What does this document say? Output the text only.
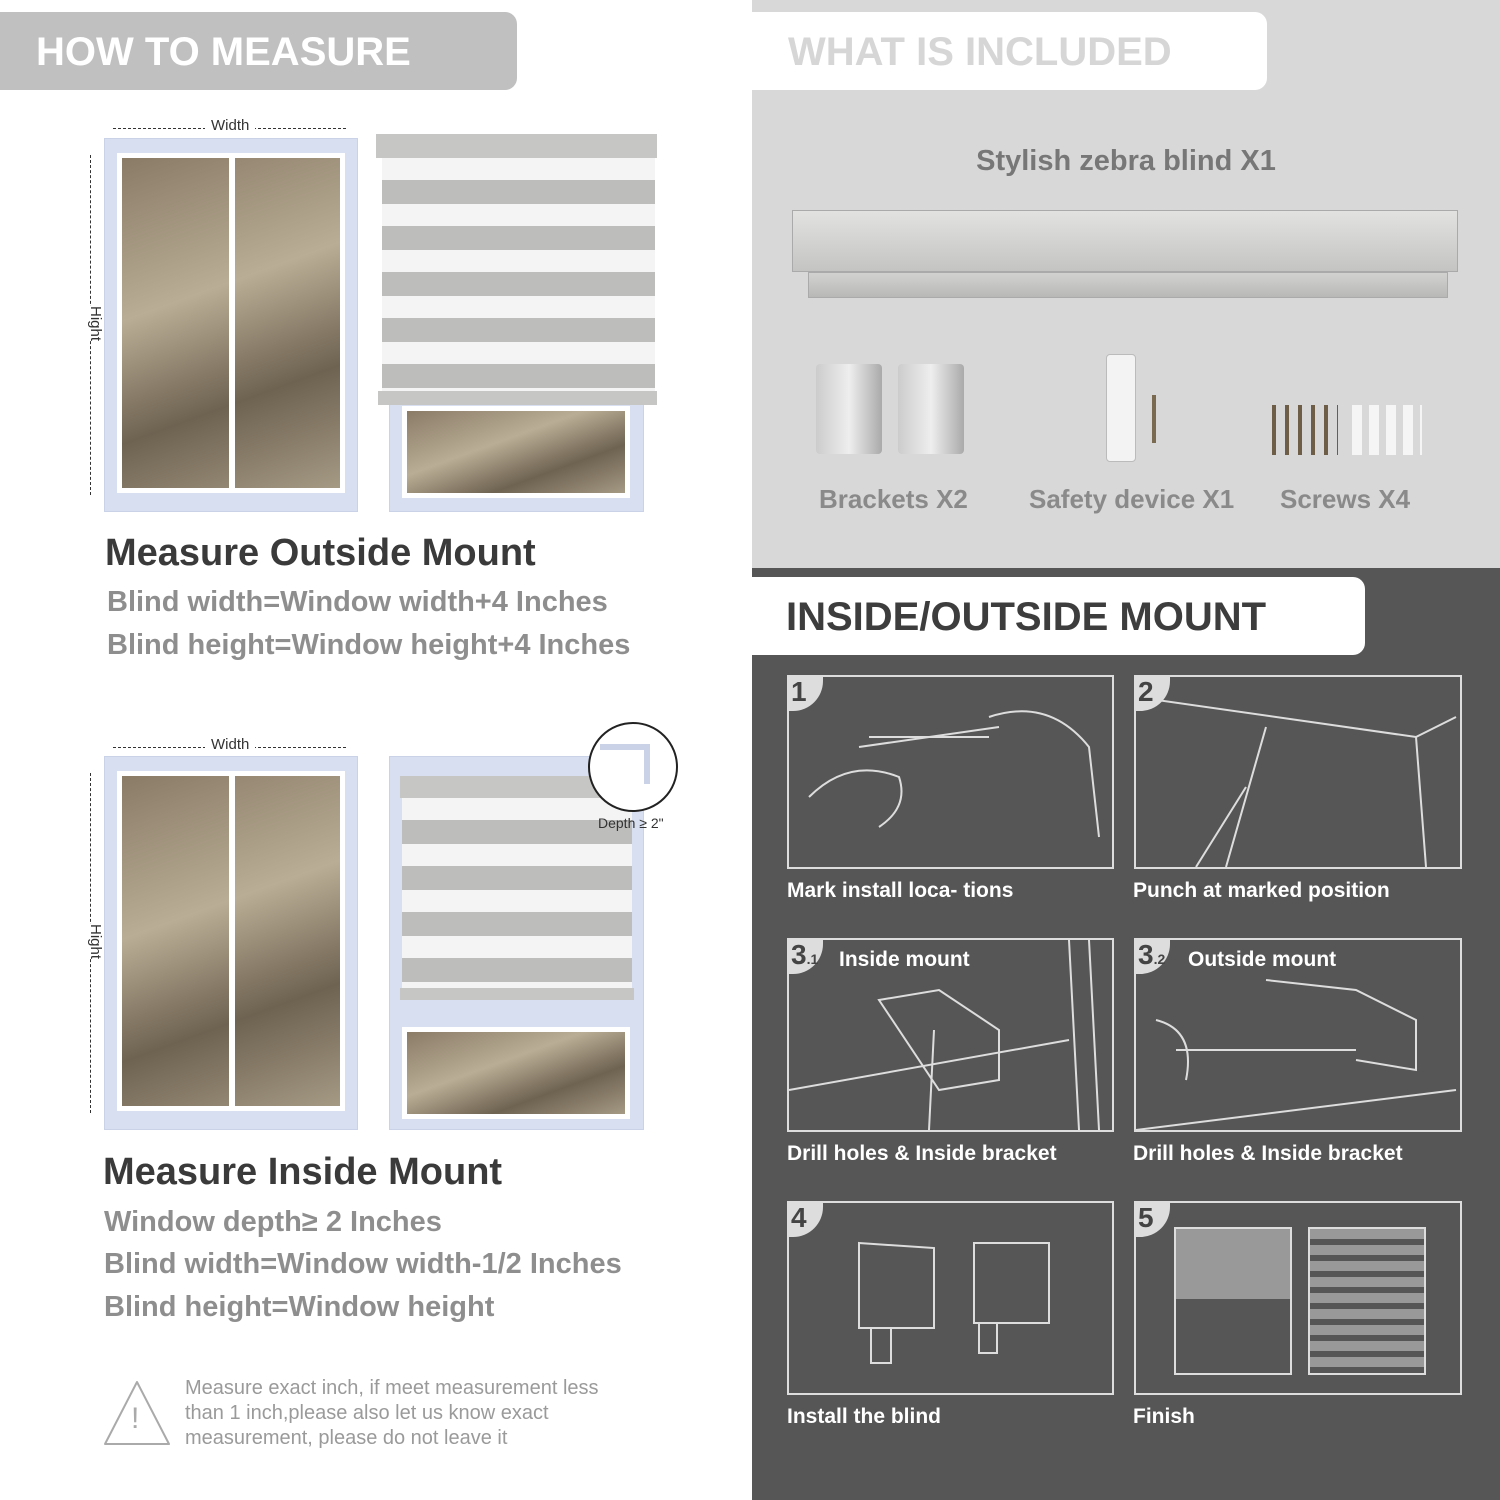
HOW TO MEASURE
Width
Hight
Measure Outside Mount
Blind width=Window width+4 Inches
Blind height=Window height+4 Inches
Width
Hight
Depth ≥ 2"
Measure Inside Mount
Window depth≥ 2 Inches
Blind width=Window width-1/2 Inches
Blind height=Window height
!
Measure exact inch, if meet measurement less
than 1 inch,please also let us know exact
measurement, please do not leave it
WHAT IS INCLUDED
Stylish zebra blind X1
Brackets X2 Safety device X1 Screws X4
INSIDE/OUTSIDE MOUNT
1
Mark install loca- tions
2
Punch at marked position
3.1 Inside mount
Drill holes & Inside bracket
3.2 Outside mount
Drill holes & Inside bracket
4
Install the blind
5
Finish
